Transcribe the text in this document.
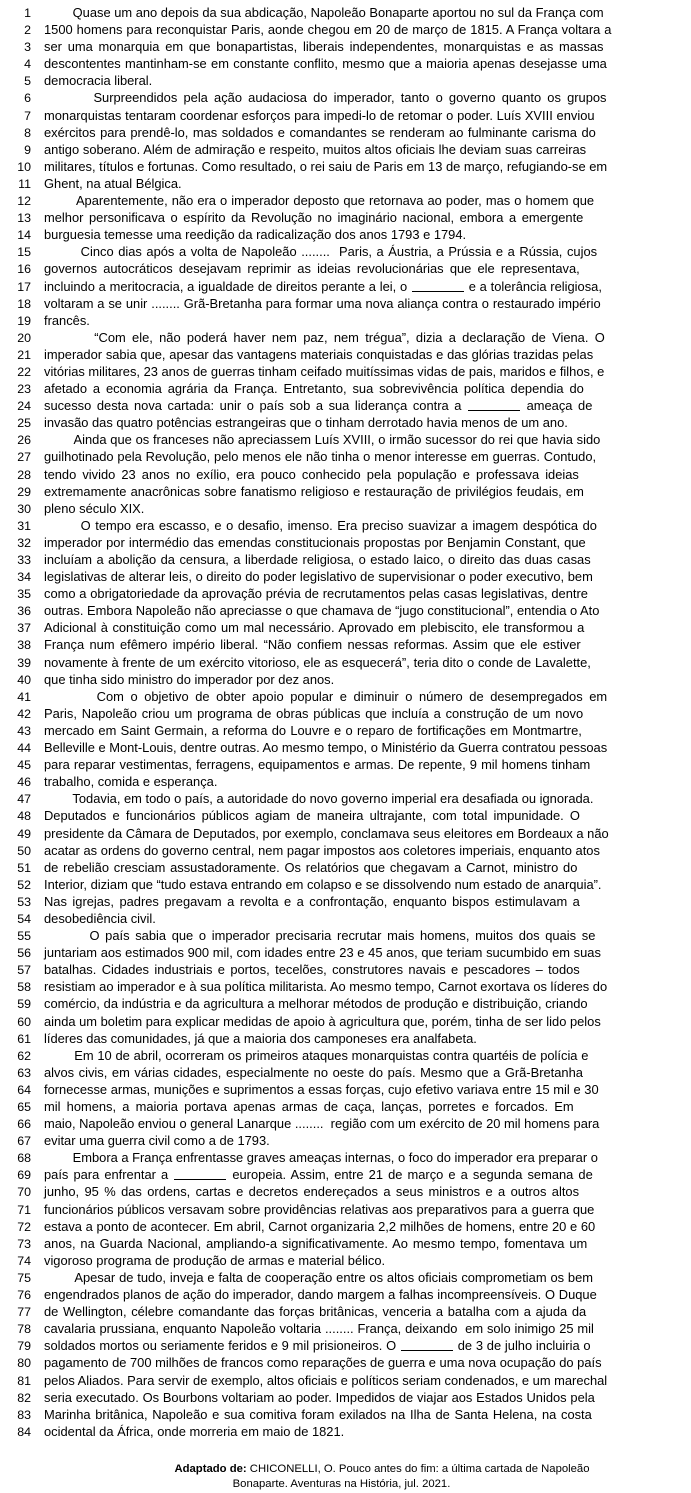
1	Quase um ano depois da sua abdicação, Napoleão Bonaparte aportou no sul da França com
2	1500 homens para reconquistar Paris, aonde chegou em 20 de março de 1815. A França voltara a
3	ser uma monarquia em que bonapartistas, liberais independentes, monarquistas e as massas
4	descontentes mantinham-se em constante conflito, mesmo que a maioria apenas desejasse uma
5	democracia liberal.
6	Surpreendidos pela ação audaciosa do imperador, tanto o governo quanto os grupos
7	monarquistas tentaram coordenar esforços para impedi-lo de retomar o poder. Luís XVIII enviou
8	exércitos para prendê-lo, mas soldados e comandantes se renderam ao fulminante carisma do
9	antigo soberano. Além de admiração e respeito, muitos altos oficiais lhe deviam suas carreiras
10	militares, títulos e fortunas. Como resultado, o rei saiu de Paris em 13 de março, refugiando-se em
11	Ghent, na atual Bélgica.
12	Aparentemente, não era o imperador deposto que retornava ao poder, mas o homem que
13	melhor personificava o espírito da Revolução no imaginário nacional, embora a emergente
14	burguesia temesse uma reedição da radicalização dos anos 1793 e 1794.
15	Cinco dias após a volta de Napoleão ........  Paris, a Áustria, a Prússia e a Rússia, cujos
16	governos autocráticos desejavam reprimir as ideias revolucionárias que ele representava,
17	incluindo a meritocracia, a igualdade de direitos perante a lei, o	e a tolerância religiosa,
18	voltaram a se unir ........ Grã-Bretanha para formar uma nova aliança contra o restaurado império
19	francês.
20	“Com ele, não poderá haver nem paz, nem trégua”, dizia a declaração de Viena. O
21	imperador sabia que, apesar das vantagens materiais conquistadas e das glórias trazidas pelas
22	vitórias militares, 23 anos de guerras tinham ceifado muitíssimas vidas de pais, maridos e filhos, e
23	afetado a economia agrária da França. Entretanto, sua sobrevivência política dependia do
24	sucesso desta nova cartada: unir o país sob a sua liderança contra a	ameaça de
25	invasão das quatro potências estrangeiras que o tinham derrotado havia menos de um ano.
26	Ainda que os franceses não apreciassem Luís XVIII, o irmão sucessor do rei que havia sido
27	guilhotinado pela Revolução, pelo menos ele não tinha o menor interesse em guerras. Contudo,
28	tendo vivido 23 anos no exílio, era pouco conhecido pela população e professava ideias
29	extremamente anacrônicas sobre fanatismo religioso e restauração de privilégios feudais, em
30	pleno século XIX.
31	O tempo era escasso, e o desafio, imenso. Era preciso suavizar a imagem despótica do
32	imperador por intermédio das emendas constitucionais propostas por Benjamin Constant, que
33	incluíam a abolição da censura, a liberdade religiosa, o estado laico, o direito das duas casas
34	legislativas de alterar leis, o direito do poder legislativo de supervisionar o poder executivo, bem
35	como a obrigatoriedade da aprovação prévia de recrutamentos pelas casas legislativas, dentre
36	outras. Embora Napoleão não apreciasse o que chamava de “jugo constitucional”, entendia o Ato
37	Adicional à constituição como um mal necessário. Aprovado em plebiscito, ele transformou a
38	França num efêmero império liberal. “Não confiem nessas reformas. Assim que ele estiver
39	novamente à frente de um exército vitorioso, ele as esquecerá”, teria dito o conde de Lavalette,
40	que tinha sido ministro do imperador por dez anos.
41	Com o objetivo de obter apoio popular e diminuir o número de desempregados em
42	Paris, Napoleão criou um programa de obras públicas que incluía a construção de um novo
43	mercado em Saint Germain, a reforma do Louvre e o reparo de fortificações em Montmartre,
44	Belleville e Mont-Louis, dentre outras. Ao mesmo tempo, o Ministério da Guerra contratou pessoas
45	para reparar vestimentas, ferragens, equipamentos e armas. De repente, 9 mil homens tinham
46	trabalho, comida e esperança.
47	Todavia, em todo o país, a autoridade do novo governo imperial era desafiada ou ignorada.
48	Deputados e funcionários públicos agiam de maneira ultrajante, com total impunidade. O
49	presidente da Câmara de Deputados, por exemplo, conclamava seus eleitores em Bordeaux a não
50	acatar as ordens do governo central, nem pagar impostos aos coletores imperiais, enquanto atos
51	de rebelião cresciam assustadoramente. Os relatórios que chegavam a Carnot, ministro do
52	Interior, diziam que “tudo estava entrando em colapso e se dissolvendo num estado de anarquia”.
53	Nas igrejas, padres pregavam a revolta e a confrontação, enquanto bispos estimulavam a
54	desobediência civil.
55	O país sabia que o imperador precisaria recrutar mais homens, muitos dos quais se
56	juntariam aos estimados 900 mil, com idades entre 23 e 45 anos, que teriam sucumbido em suas
57	batalhas. Cidades industriais e portos, tecelões, construtores navais e pescadores – todos
58	resistiam ao imperador e à sua política militarista. Ao mesmo tempo, Carnot exortava os líderes do
59	comércio, da indústria e da agricultura a melhorar métodos de produção e distribuição, criando
60	ainda um boletim para explicar medidas de apoio à agricultura que, porém, tinha de ser lido pelos
61	líderes das comunidades, já que a maioria dos camponeses era analfabeta.
62	Em 10 de abril, ocorreram os primeiros ataques monarquistas contra quartéis de polícia e
63	alvos civis, em várias cidades, especialmente no oeste do país. Mesmo que a Grã-Bretanha
64	fornecesse armas, munições e suprimentos a essas forças, cujo efetivo variava entre 15 mil e 30
65	mil homens, a maioria portava apenas armas de caça, lanças, porretes e forcados. Em
66	maio, Napoleão enviou o general Lanarque ........  região com um exército de 20 mil homens para
67	evitar uma guerra civil como a de 1793.
68	Embora a França enfrentasse graves ameaças internas, o foco do imperador era preparar o
69	país para enfrentar a	europeia. Assim, entre 21 de março e a segunda semana de
70	junho, 95 % das ordens, cartas e decretos endereçados a seus ministros e a outros altos
71	funcionários públicos versavam sobre providências relativas aos preparativos para a guerra que
72	estava a ponto de acontecer. Em abril, Carnot organizaria 2,2 milhões de homens, entre 20 e 60
73	anos, na Guarda Nacional, ampliando-a significativamente. Ao mesmo tempo, fomentava um
74	vigoroso programa de produção de armas e material bélico.
75	Apesar de tudo, inveja e falta de cooperação entre os altos oficiais comprometiam os bem
76	engendrados planos de ação do imperador, dando margem a falhas incompreensíveis. O Duque
77	de Wellington, célebre comandante das forças britânicas, venceria a batalha com a ajuda da
78	cavalaria prussiana, enquanto Napoleão voltaria ........ França, deixando  em solo inimigo 25 mil
79	soldados mortos ou seriamente feridos e 9 mil prisioneiros. O	de 3 de julho incluiria o
80	pagamento de 700 milhões de francos como reparações de guerra e uma nova ocupação do país
81	pelos Aliados. Para servir de exemplo, altos oficiais e políticos seriam condenados, e um marechal
82	seria executado. Os Bourbons voltariam ao poder. Impedidos de viajar aos Estados Unidos pela
83	Marinha britânica, Napoleão e sua comitiva foram exilados na Ilha de Santa Helena, na costa
84	ocidental da África, onde morreria em maio de 1821.
Adaptado de: CHICONELLI, O. Pouco antes do fim: a última cartada de Napoleão
Bonaparte. Aventuras na História, jul. 2021.
